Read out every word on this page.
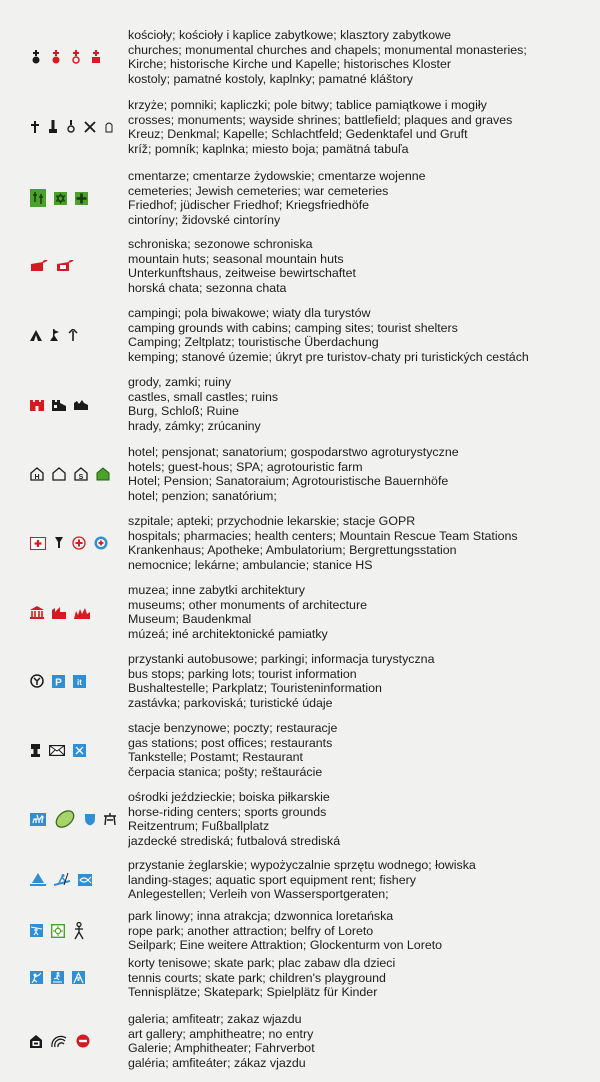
kościoły; kościoły i kaplice zabytkowe; klasztory zabytkowe
churches; monumental churches and chapels; monumental monasteries;
Kirche; historische Kirche und Kapelle; historisches Kloster
kostoly; pamatné kostoly, kaplnky; pamatné kláštory
krzyże; pomniki; kapliczki; pole bitwy; tablice pamiątkowe i mogiły
crosses; monuments; wayside shrines; battlefield; plaques and graves
Kreuz; Denkmal; Kapelle; Schlachtfeld; Gedenktafel und Gruft
kríž; pomník; kaplnka; miesto boja; pamätná tabuľa
cmentarze; cmentarze żydowskie; cmentarze wojenne
cemeteries; Jewish cemeteries; war cemeteries
Friedhof; jüdischer Friedhof; Kriegsfriedhöfe
cintoríny; židovské cintoríny
schroniska; sezonowe schroniska
mountain huts; seasonal mountain huts
Unterkunftshaus, zeitweise bewirtschaftet
horská chata; sezonna chata
campingi; pola biwakowe; wiaty dla turystów
camping grounds with cabins; camping sites; tourist shelters
Camping; Zeltplatz; touristische Überdachung
kemping; stanové územie; úkryt pre turistov-chaty pri turistických cestách
grody, zamki; ruiny
castles, small castles; ruins
Burg, Schloß; Ruine
hrady, zámky; zrúcaniny
H	S
hotel; pensjonat; sanatorium; gospodarstwo agroturystyczne
hotels; guest-hous; SPA; agrotouristic farm
Hotel; Pension; Sanatoraium; Agrotouristische Bauernhöfe
hotel; penzion; sanatórium;
szpitale; apteki; przychodnie lekarskie; stacje GOPR
hospitals; pharmacies; health centers; Mountain Rescue Team Stations
Krankenhaus; Apotheke; Ambulatorium; Bergrettungsstation
nemocnice; lekárne; ambulancie; stanice HS
muzea; inne zabytki architektury
museums; other monuments of architecture
Museum; Baudenkmal
múzeá; iné architektonické pamiatky
P it
przystanki autobusowe; parkingi; informacja turystyczna
bus stops; parking lots; tourist information
Bushaltestelle; Parkplatz; Touristeninformation
zastávka; parkoviská; turistické údaje
stacje benzynowe; poczty; restauracje
gas stations; post offices; restaurants
Tankstelle; Postamt; Restaurant
čerpacia stanica; pošty; reštaurácie
ośrodki jeździeckie; boiska piłkarskie
horse-riding centers; sports grounds
Reitzentrum; Fußballplatz
jazdecké strediská; futbalová strediská
przystanie żeglarskie; wypożyczalnie sprzętu wodnego; łowiska
landing-stages; aquatic sport equipment rent; fishery
Anlegestellen; Verleih von Wassersportgeraten;
park linowy; inna atrakcja; dzwonnica loretańska
rope park; another attraction; belfry of Loreto
Seilpark; Eine weitere Attraktion; Glockenturm von Loreto
korty tenisowe; skate park; plac zabaw dla dzieci
tennis courts; skate park; children's playground
Tennisplätze; Skatepark; Spielplätz für Kinder
galeria; amfiteatr; zakaz wjazdu
art gallery; amphitheatre; no entry
Galerie; Amphitheater; Fahrverbot
galéria; amfiteáter; zákaz vjazdu
